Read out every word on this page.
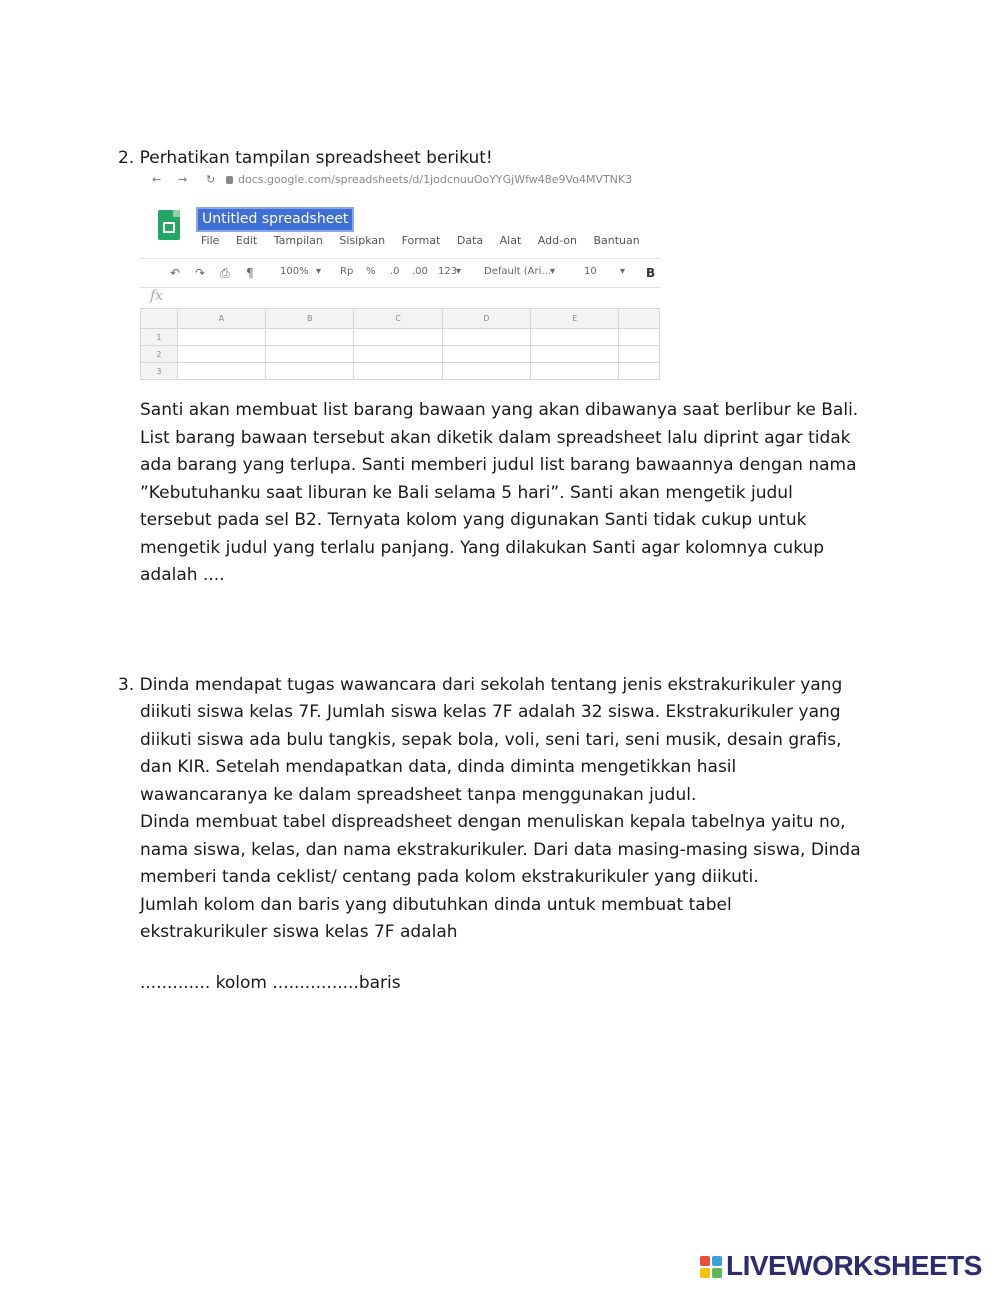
2. Perhatikan tampilan spreadsheet berikut!
← → ↻ docs.google.com/spreadsheets/d/1jodcnuuOoYYGjWfw48e9Vo4MVTNK3
Untitled spreadsheet
File Edit Tampilan Sisipkan Format Data Alat Add-on Bantuan
↶ ↷ ⎙ ¶	100% ▾ Rp % .0 .00 123
▾ Default (Ari... ▾	10 ▾ B
fx
	A	B	C	D	E	
1						
2						
3						
Santi akan membuat list barang bawaan yang akan dibawanya saat berlibur ke Bali.
List barang bawaan tersebut akan diketik dalam spreadsheet lalu diprint agar tidak
ada barang yang terlupa. Santi memberi judul list barang bawaannya dengan nama
”Kebutuhanku saat liburan ke Bali selama 5 hari”. Santi akan mengetik judul
tersebut pada sel B2. Ternyata kolom yang digunakan Santi tidak cukup untuk
mengetik judul yang terlalu panjang. Yang dilakukan Santi agar kolomnya cukup
adalah ....
3. Dinda mendapat tugas wawancara dari sekolah tentang jenis ekstrakurikuler yang
diikuti siswa kelas 7F. Jumlah siswa kelas 7F adalah 32 siswa. Ekstrakurikuler yang
diikuti siswa ada bulu tangkis, sepak bola, voli, seni tari, seni musik, desain grafis,
dan KIR. Setelah mendapatkan data, dinda diminta mengetikkan hasil
wawancaranya ke dalam spreadsheet tanpa menggunakan judul.
Dinda membuat tabel dispreadsheet dengan menuliskan kepala tabelnya yaitu no,
nama siswa, kelas, dan nama ekstrakurikuler. Dari data masing-masing siswa, Dinda
memberi tanda ceklist/ centang pada kolom ekstrakurikuler yang diikuti.
Jumlah kolom dan baris yang dibutuhkan dinda untuk membuat tabel
ekstrakurikuler siswa kelas 7F adalah
............. kolom ................baris
LIVEWORKSHEETS
